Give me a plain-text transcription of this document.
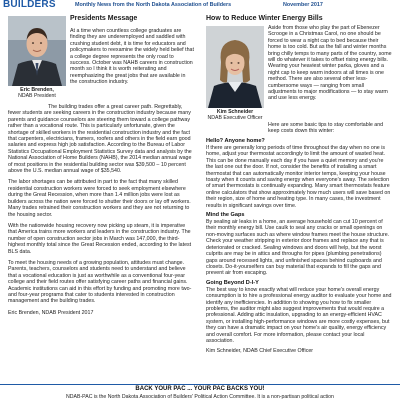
BUILDERS	Monthly News from the North Dakota Association of Builders	November 2017
Eric Brenden,
NDAB President
Presidents Message

At a time when countless college graduates are finding they are underemployed and saddled with crushing student debt, it is time for educators and policymakers to reexamine the widely held belief that a college degree represents the only road to success. October was NAHB careers in construction month so I think it is worth reiterating and reemphasizing the great jobs that are available in the construction industry.

The building trades offer a great career path. Regrettably, fewer students are seeking careers in the construction industry because many parents and guidance counselors are steering them toward a college pathway rather than a vocational route. This is particularly unfortunate, given the shortage of skilled workers in the residential construction industry and the fact that carpenters, electricians, framers, roofers and others in the field earn good salaries and express high job satisfaction. According to the Bureau of Labor Statistics Occupational Employment Statistics Survey data and analysis by the National Association of Home Builders (NAHB), the 2014 median annual wage of most positions in the residential building sector was $39,500 – 10 percent above the U.S. median annual wage of $35,540.

The labor shortages can be attributed in part to the fact that many skilled residential construction workers were forced to seek employment elsewhere during the Great Recession, when more than 1.4 million jobs were lost as builders across the nation were forced to shutter their doors or lay off workers. Many trades retrained their construction workers and they are not returning to the housing sector.

With the nationwide housing recovery now picking up steam, it is imperative that America trains more workers and leaders in the construction industry. The number of open construction sector jobs in March was 147,000, the third-highest monthly total since the Great Recession ended, according to the latest BLS data.

To meet the housing needs of a growing population, attitudes must change. Parents, teachers, counselors and students need to understand and believe that a vocational education is just as worthwhile as a conventional four-year college and their field routes offer satisfying career paths and financial gains. Academic institutions can aid in this effort by funding and promoting more two- and four-year programs that cater to students interested in construction management and the building trades.

Eric Brenden, NDAB President 2017

How to Reduce Winter Energy Bills
Kim Schneider
NDAB Executive Officer

Aside from those who play the part of Ebenezer Scrooge in a Christmas Carol, no one should be forced to wear a night cap to bed because their home is too cold. But as the fall and winter months bring chilly temps to many parts of the country, some will do whatever it takes to offset rising energy bills. Wearing your heaviest winter parka, gloves and a night cap to keep warm indoors at all times is one method. There are also several other less-cumbersome ways — ranging from small adjustments to major modifications — to stay warm and use less energy.

Here are some basic tips to stay comfortable and keep costs down this winter:

Hello? Anyone home?

If there are generally long periods of time throughout the day when no one is home, adjust your thermostat accordingly to limit the amount of wasted heat. This can be done manually each day if you have a quiet memory and you're the last one out the door. If not, consider the benefits of installing a smart thermostat that can automatically monitor interior temps, keeping your house toasty when it counts and saving energy when everyone's away. The selection of smart thermostats is continually expanding. Many smart thermostats feature online calculators that show approximately how much users will save based on their region, size of home and heating type. In many cases, the investment results in significant savings over time.

Mind the Gaps

By sealing air leaks in a home, an average household can cut 10 percent of their monthly energy bill. Use caulk to seal any cracks or small openings on non-moving surfaces such as where window frames meet the house structure. Check your weather stripping in exterior door frames and replace any that is deteriorated or cracked. Sealing windows and doors will help, but the worst culprits are may be in attics and throughs for pipes (plumbing penetrations) gaps around recessed lights, and unfinished spaces behind cupboards and closets. Do-it-yourselfers can buy material that expands to fill the gaps and prevent air from escaping.

Going Beyond D-I-Y

The best way to know exactly what will reduce your home's overall energy consumption is to hire a professional energy auditor to evaluate your home and identify any inefficiencies. In addition to showing you how to fix smaller problems, the auditor might also suggest improvements that would require a professional. Adding attic insulation, upgrading to an energy-efficient HVAC system, or installing high-performance windows are more costly expenses, but they can have a dramatic impact on your home's air quality, energy efficiency and overall comfort. For more information, please contact your local association.

Kim Schneider, NDAB Chief Executive Officer

BACK YOUR PAC ... YOUR PAC BACKS YOU!
NDAB-PAC is the North Dakota Association of Builders' Political Action Committee. It is a non-partisan political action
